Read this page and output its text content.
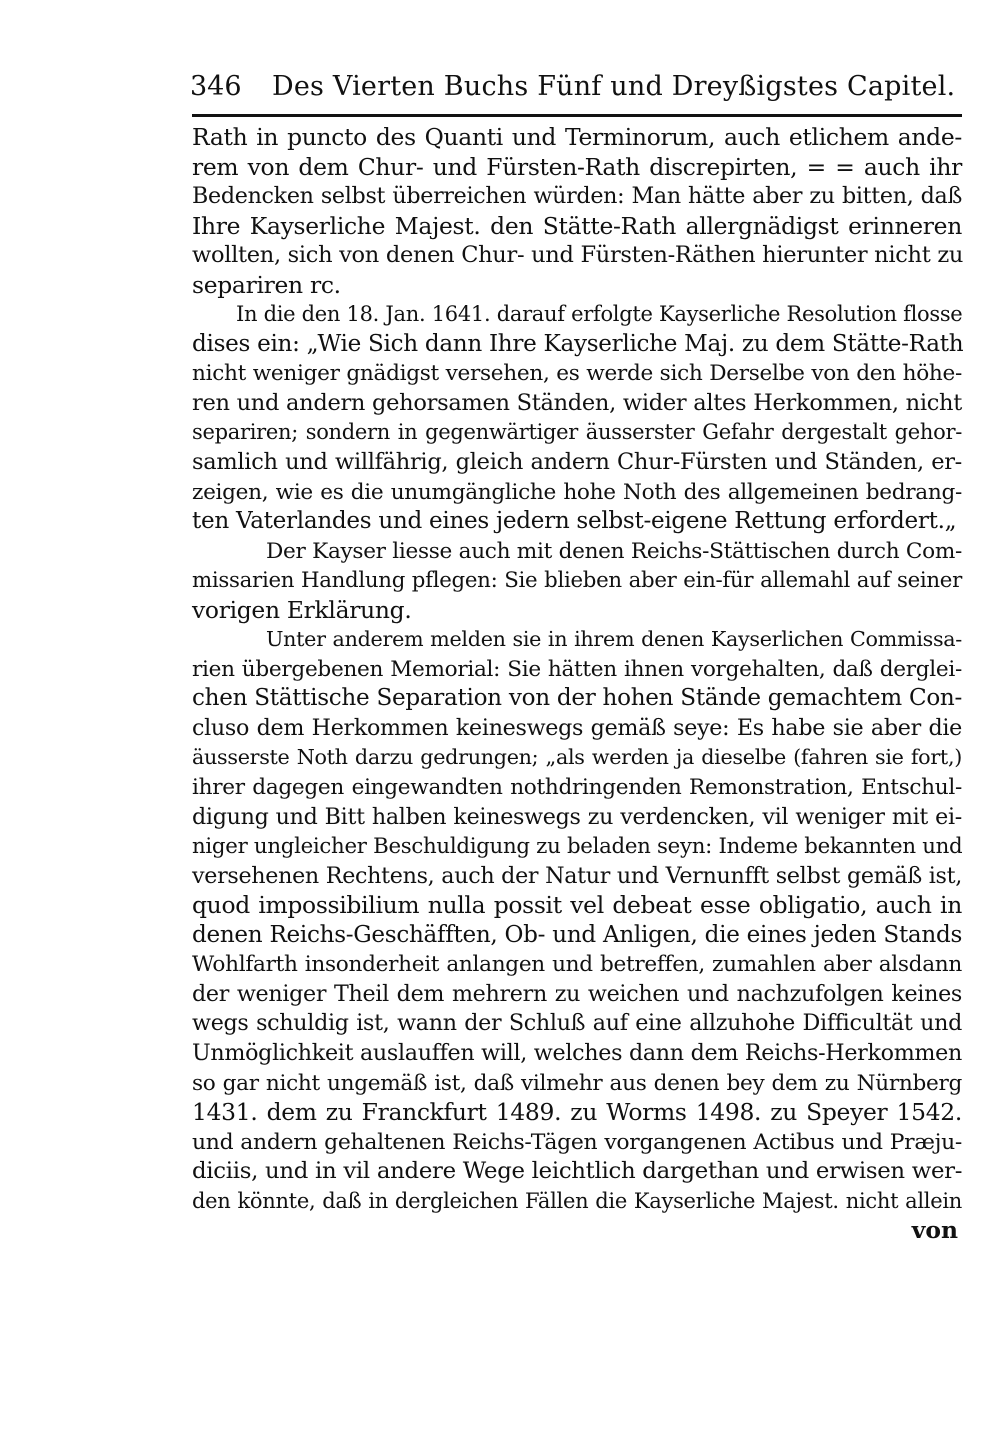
346 Des Vierten Buchs Fünf und Dreyßigstes Capitel.
Rath in puncto des Quanti und Terminorum, auch etlichem ande-
rem von dem Chur- und Fürsten-Rath discrepirten, = = auch ihr
Bedencken selbst überreichen würden: Man hätte aber zu bitten, daß
Ihre Kayserliche Majest. den Stätte-Rath allergnädigst erinneren
wollten, sich von denen Chur- und Fürsten-Räthen hierunter nicht zu
separiren rc.
In die den 18. Jan. 1641. darauf erfolgte Kayserliche Resolution flosse
dises ein: „Wie Sich dann Ihre Kayserliche Maj. zu dem Stätte-Rath
nicht weniger gnädigst versehen, es werde sich Derselbe von den höhe-
ren und andern gehorsamen Ständen, wider altes Herkommen, nicht
separiren; sondern in gegenwärtiger äusserster Gefahr dergestalt gehor-
samlich und willfährig, gleich andern Chur-Fürsten und Ständen, er-
zeigen, wie es die unumgängliche hohe Noth des allgemeinen bedrang-
ten Vaterlandes und eines jedern selbst-eigene Rettung erfordert.„
Der Kayser liesse auch mit denen Reichs-Stättischen durch Com-
missarien Handlung pflegen: Sie blieben aber ein-für allemahl auf seiner
vorigen Erklärung.
Unter anderem melden sie in ihrem denen Kayserlichen Commissa-
rien übergebenen Memorial: Sie hätten ihnen vorgehalten, daß derglei-
chen Stättische Separation von der hohen Stände gemachtem Con-
cluso dem Herkommen keineswegs gemäß seye: Es habe sie aber die
äusserste Noth darzu gedrungen; „als werden ja dieselbe (fahren sie fort,)
ihrer dagegen eingewandten nothdringenden Remonstration, Entschul-
digung und Bitt halben keineswegs zu verdencken, vil weniger mit ei-
niger ungleicher Beschuldigung zu beladen seyn: Indeme bekannten und
versehenen Rechtens, auch der Natur und Vernunfft selbst gemäß ist,
quod impossibilium nulla possit vel debeat esse obligatio, auch in
denen Reichs-Geschäfften, Ob- und Anligen, die eines jeden Stands
Wohlfarth insonderheit anlangen und betreffen, zumahlen aber alsdann
der weniger Theil dem mehrern zu weichen und nachzufolgen keines
wegs schuldig ist, wann der Schluß auf eine allzuhohe Difficultät und
Unmöglichkeit auslauffen will, welches dann dem Reichs-Herkommen
so gar nicht ungemäß ist, daß vilmehr aus denen bey dem zu Nürnberg
1431. dem zu Franckfurt 1489. zu Worms 1498. zu Speyer 1542.
und andern gehaltenen Reichs-Tägen vorgangenen Actibus und Præju-
diciis, und in vil andere Wege leichtlich dargethan und erwisen wer-
den könnte, daß in dergleichen Fällen die Kayserliche Majest. nicht allein
von
